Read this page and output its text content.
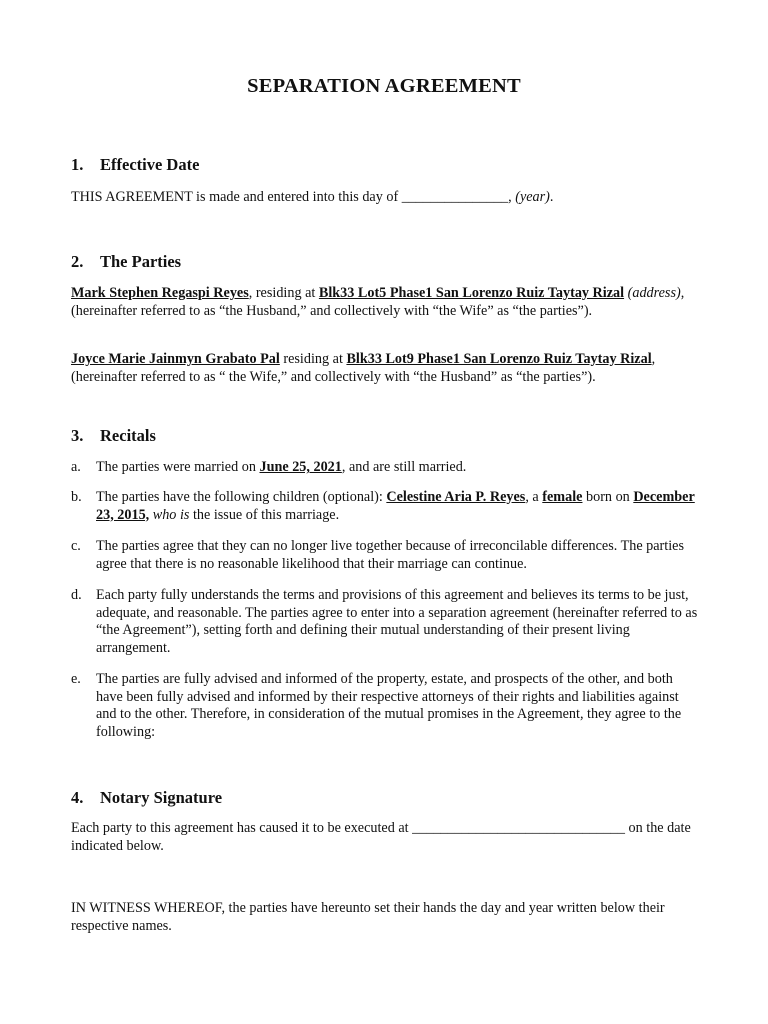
SEPARATION AGREEMENT
1. Effective Date
THIS AGREEMENT is made and entered into this day of _______________, (year).
2. The Parties
Mark Stephen Regaspi Reyes, residing at Blk33 Lot5 Phase1 San Lorenzo Ruiz Taytay Rizal (address), (hereinafter referred to as “the Husband,” and collectively with “the Wife” as “the parties”).
Joyce Marie Jainmyn Grabato Pal residing at Blk33 Lot9 Phase1 San Lorenzo Ruiz Taytay Rizal, (hereinafter referred to as “ the Wife,” and collectively with “the Husband” as “the parties”).
3. Recitals
a. The parties were married on June 25, 2021, and are still married.
b. The parties have the following children (optional): Celestine Aria P. Reyes, a female born on December 23, 2015, who is the issue of this marriage.
c. The parties agree that they can no longer live together because of irreconcilable differences. The parties agree that there is no reasonable likelihood that their marriage can continue.
d. Each party fully understands the terms and provisions of this agreement and believes its terms to be just, adequate, and reasonable. The parties agree to enter into a separation agreement (hereinafter referred to as “the Agreement”), setting forth and defining their mutual understanding of their present living arrangement.
e. The parties are fully advised and informed of the property, estate, and prospects of the other, and both have been fully advised and informed by their respective attorneys of their rights and liabilities against and to the other. Therefore, in consideration of the mutual promises in the Agreement, they agree to the following:
4. Notary Signature
Each party to this agreement has caused it to be executed at ______________________________ on the date indicated below.
IN WITNESS WHEREOF, the parties have hereunto set their hands the day and year written below their respective names.
